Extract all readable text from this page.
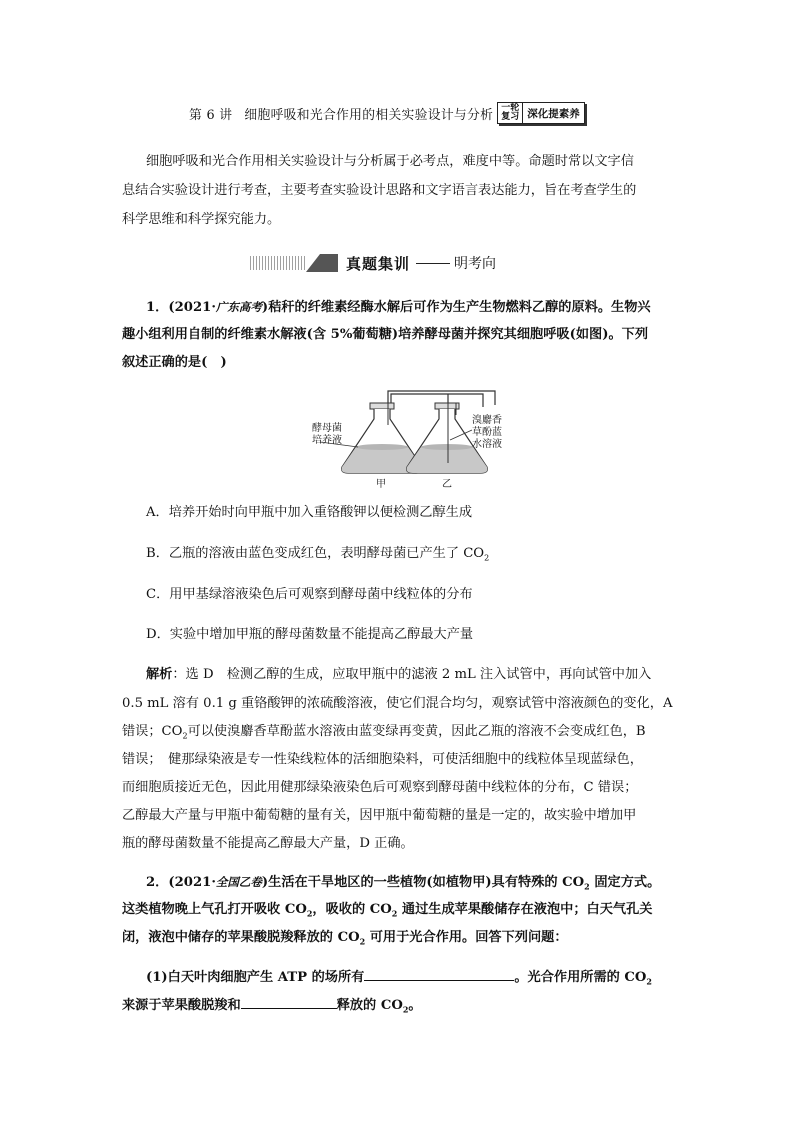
第 6 讲 细胞呼吸和光合作用的相关实验设计与分析 一轮
复习 深化提素养
细胞呼吸和光合作用相关实验设计与分析属于必考点，难度中等。命题时常以文字信
息结合实验设计进行考查，主要考查实验设计思路和文字语言表达能力，旨在考查学生的
科学思维和科学探究能力。
真题集训	明考向
1．(2021·广东高考)秸秆的纤维素经酶水解后可作为生产生物燃料乙醇的原料。生物兴
趣小组利用自制的纤维素水解液(含 5%葡萄糖)培养酵母菌并探究其细胞呼吸(如图)。下列
叙述正确的是(　)
酵母菌
培养液
溴麝香
草酚蓝
水溶液
甲	乙
A．培养开始时向甲瓶中加入重铬酸钾以便检测乙醇生成
B．乙瓶的溶液由蓝色变成红色，表明酵母菌已产生了 $CO_2$
C．用甲基绿溶液染色后可观察到酵母菌中线粒体的分布
D．实验中增加甲瓶的酵母菌数量不能提高乙醇最大产量
解析：选 D　检测乙醇的生成，应取甲瓶中的滤液 2 mL 注入试管中，再向试管中加入
0.5 mL 溶有 0.1 g 重铬酸钾的浓硫酸溶液，使它们混合均匀，观察试管中溶液颜色的变化，A
错误；$CO_2$可以使溴麝香草酚蓝水溶液由蓝变绿再变黄，因此乙瓶的溶液不会变成红色，B
错误；　健那绿染液是专一性染线粒体的活细胞染料，可使活细胞中的线粒体呈现蓝绿色，
而细胞质接近无色，因此用健那绿染液染色后可观察到酵母菌中线粒体的分布，C 错误；
乙醇最大产量与甲瓶中葡萄糖的量有关，因甲瓶中葡萄糖的量是一定的，故实验中增加甲
瓶的酵母菌数量不能提高乙醇最大产量，D 正确。
2．(2021·全国乙卷)生活在干旱地区的一些植物(如植物甲)具有特殊的 $CO_2$ 固定方式。
这类植物晚上气孔打开吸收 $CO_2$，吸收的 $CO_2$ 通过生成苹果酸储存在液泡中；白天气孔关
闭，液泡中储存的苹果酸脱羧释放的 $CO_2$ 可用于光合作用。回答下列问题：
(1)白天叶肉细胞产生 ATP 的场所有	。光合作用所需的 $CO_2$
来源于苹果酸脱羧和	释放的 $CO_2$。
